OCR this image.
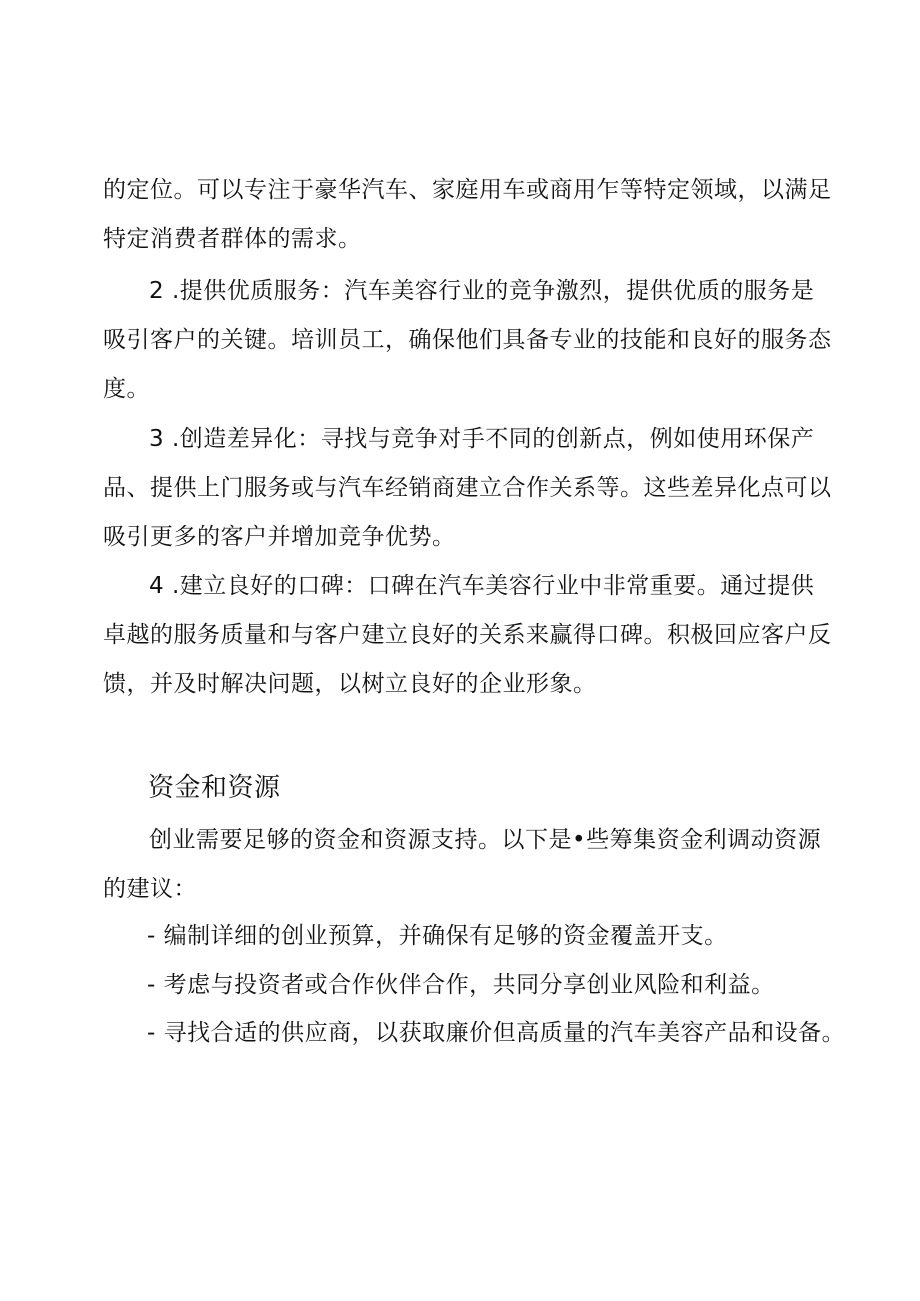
的定位。可以专注于豪华汽车、家庭用车或商用乍等特定领域，以满足
特定消费者群体的需求。

2 .提供优质服务：汽车美容行业的竞争激烈，提供优质的服务是
吸引客户的关键。培训员工，确保他们具备专业的技能和良好的服务态
度。

3 .创造差异化：寻找与竞争对手不同的创新点，例如使用环保产
品、提供上门服务或与汽车经销商建立合作关系等。这些差异化点可以
吸引更多的客户并增加竞争优势。

4 .建立良好的口碑：口碑在汽车美容行业中非常重要。通过提供
卓越的服务质量和与客户建立良好的关系来赢得口碑。积极回应客户反
馈，并及时解决问题，以树立良好的企业形象。

资金和资源

创业需要足够的资金和资源支持。以下是•些筹集资金利调动资源
的建议：

- 编制详细的创业预算，并确保有足够的资金覆盖开支。

- 考虑与投资者或合作伙伴合作，共同分享创业风险和利益。

- 寻找合适的供应商，以获取廉价但高质量的汽车美容产品和设备。
